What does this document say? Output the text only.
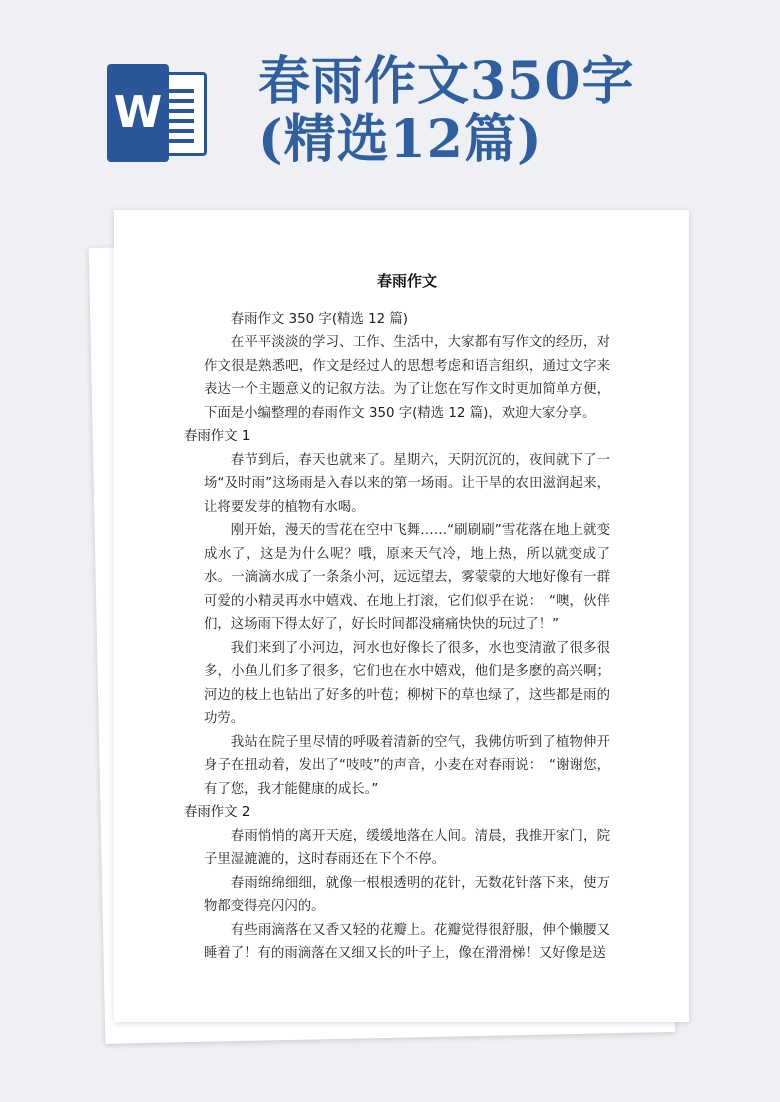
W
春雨作文350字
(精选12篇)
春雨作文

春雨作文 350 字(精选 12 篇)

在平平淡淡的学习、工作、生活中，大家都有写作文的经历，对作文很是熟悉吧，作文是经过人的思想考虑和语言组织，通过文字来表达一个主题意义的记叙方法。为了让您在写作文时更加简单方便，下面是小编整理的春雨作文 350 字(精选 12 篇)，欢迎大家分享。

春雨作文 1

春节到后，春天也就来了。星期六，天阴沉沉的，夜间就下了一场“及时雨”这场雨是入春以来的第一场雨。让干旱的农田滋润起来，让将要发芽的植物有水喝。

刚开始，漫天的雪花在空中飞舞……“刷刷刷”雪花落在地上就变成水了，这是为什么呢？哦，原来天气冷，地上热，所以就变成了水。一滴滴水成了一条条小河，远远望去，雾蒙蒙的大地好像有一群可爱的小精灵再水中嬉戏、在地上打滚，它们似乎在说：　“噢，伙伴们，这场雨下得太好了，好长时间都没痛痛快快的玩过了！”

我们来到了小河边，河水也好像长了很多，水也变清澈了很多很多，小鱼儿们多了很多，它们也在水中嬉戏，他们是多麽的高兴啊；河边的枝上也钻出了好多的叶苞；柳树下的草也绿了，这些都是雨的功劳。

我站在院子里尽情的呼吸着清新的空气，我佛仿听到了植物伸开身子在扭动着，发出了“吱吱”的声音，小麦在对春雨说：　“谢谢您，有了您，我才能健康的成长。”

春雨作文 2

春雨悄悄的离开天庭，缓缓地落在人间。清晨，我推开家门，院子里湿漉漉的，这时春雨还在下个不停。

春雨绵绵细细，就像一根根透明的花针，无数花针落下来，使万物都变得亮闪闪的。

有些雨滴落在又香又轻的花瓣上。花瓣觉得很舒服，伸个懒腰又睡着了！有的雨滴落在又细又长的叶子上，像在滑滑梯！又好像是送
